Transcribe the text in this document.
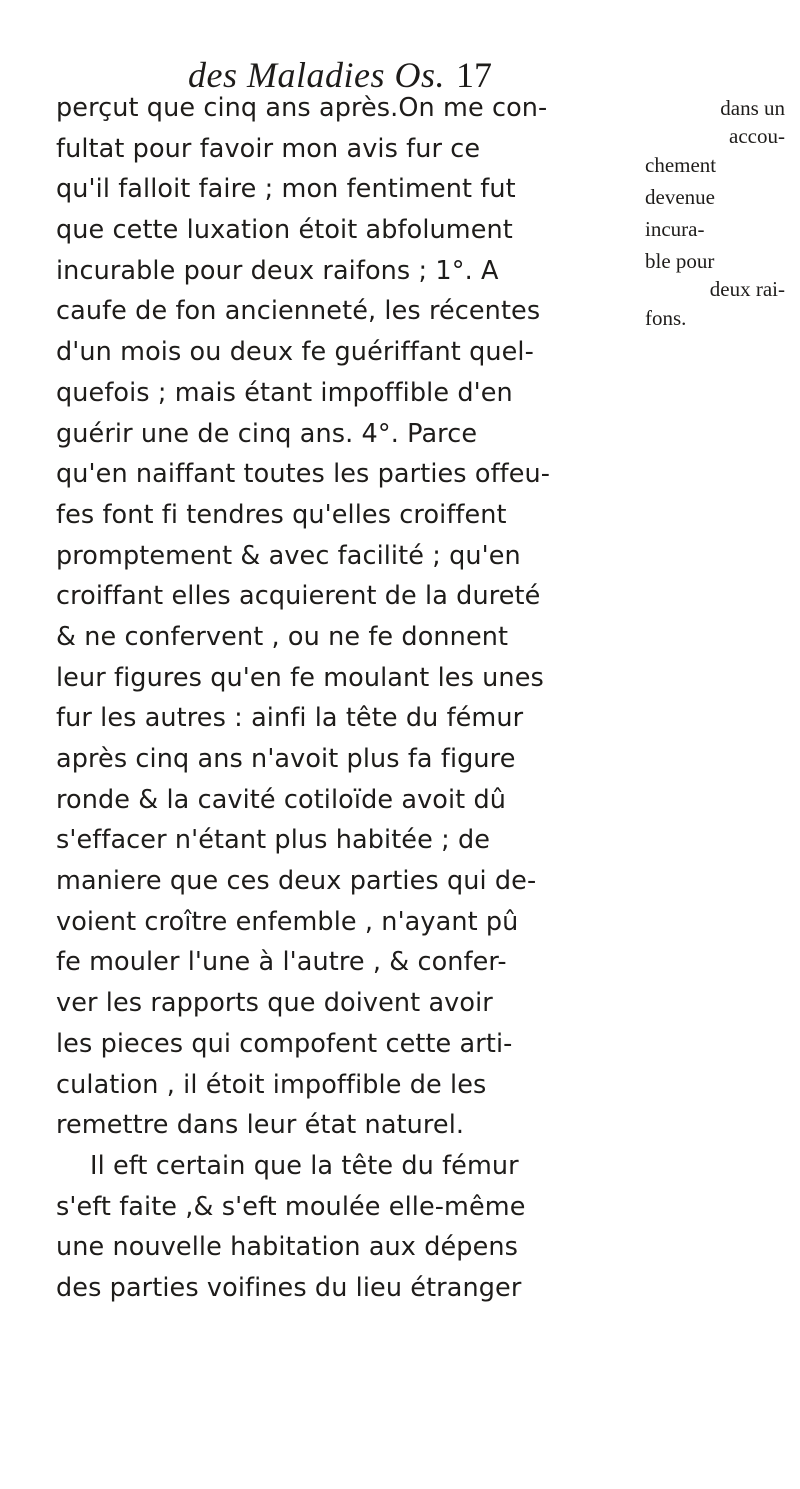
des Maladies Os. 17
perçut que cinq ans après.On me con-
fultat pour favoir mon avis fur ce
qu'il falloit faire ; mon fentiment fut
que cette luxation étoit abfolument
incurable pour deux raifons ; 1°. A
caufe de fon ancienneté, les récentes
d'un mois ou deux fe guériffant quel-
quefois ; mais étant impoffible d'en
guérir une de cinq ans. 4°. Parce
qu'en naiffant toutes les parties offeu-
fes font fi tendres qu'elles croiffent
promptement & avec facilité ; qu'en
croiffant elles acquierent de la dureté
& ne confervent , ou ne fe donnent
leur figures qu'en fe moulant les unes
fur les autres : ainfi la tête du fémur
après cinq ans n'avoit plus fa figure
ronde & la cavité cotiloïde avoit dû
s'effacer n'étant plus habitée ; de
maniere que ces deux parties qui de-
voient croître enfemble , n'ayant pû
fe mouler l'une à l'autre , & confer-
ver les rapports que doivent avoir
les pieces qui compofent cette arti-
culation , il étoit impoffible de les
remettre dans leur état naturel.
Il eft certain que la tête du fémur
s'eft faite ,& s'eft moulée elle-même
une nouvelle habitation aux dépens
des parties voifines du lieu étranger
dans un
accou-
chement
devenue
incura-
ble pour
deux rai-
fons.
